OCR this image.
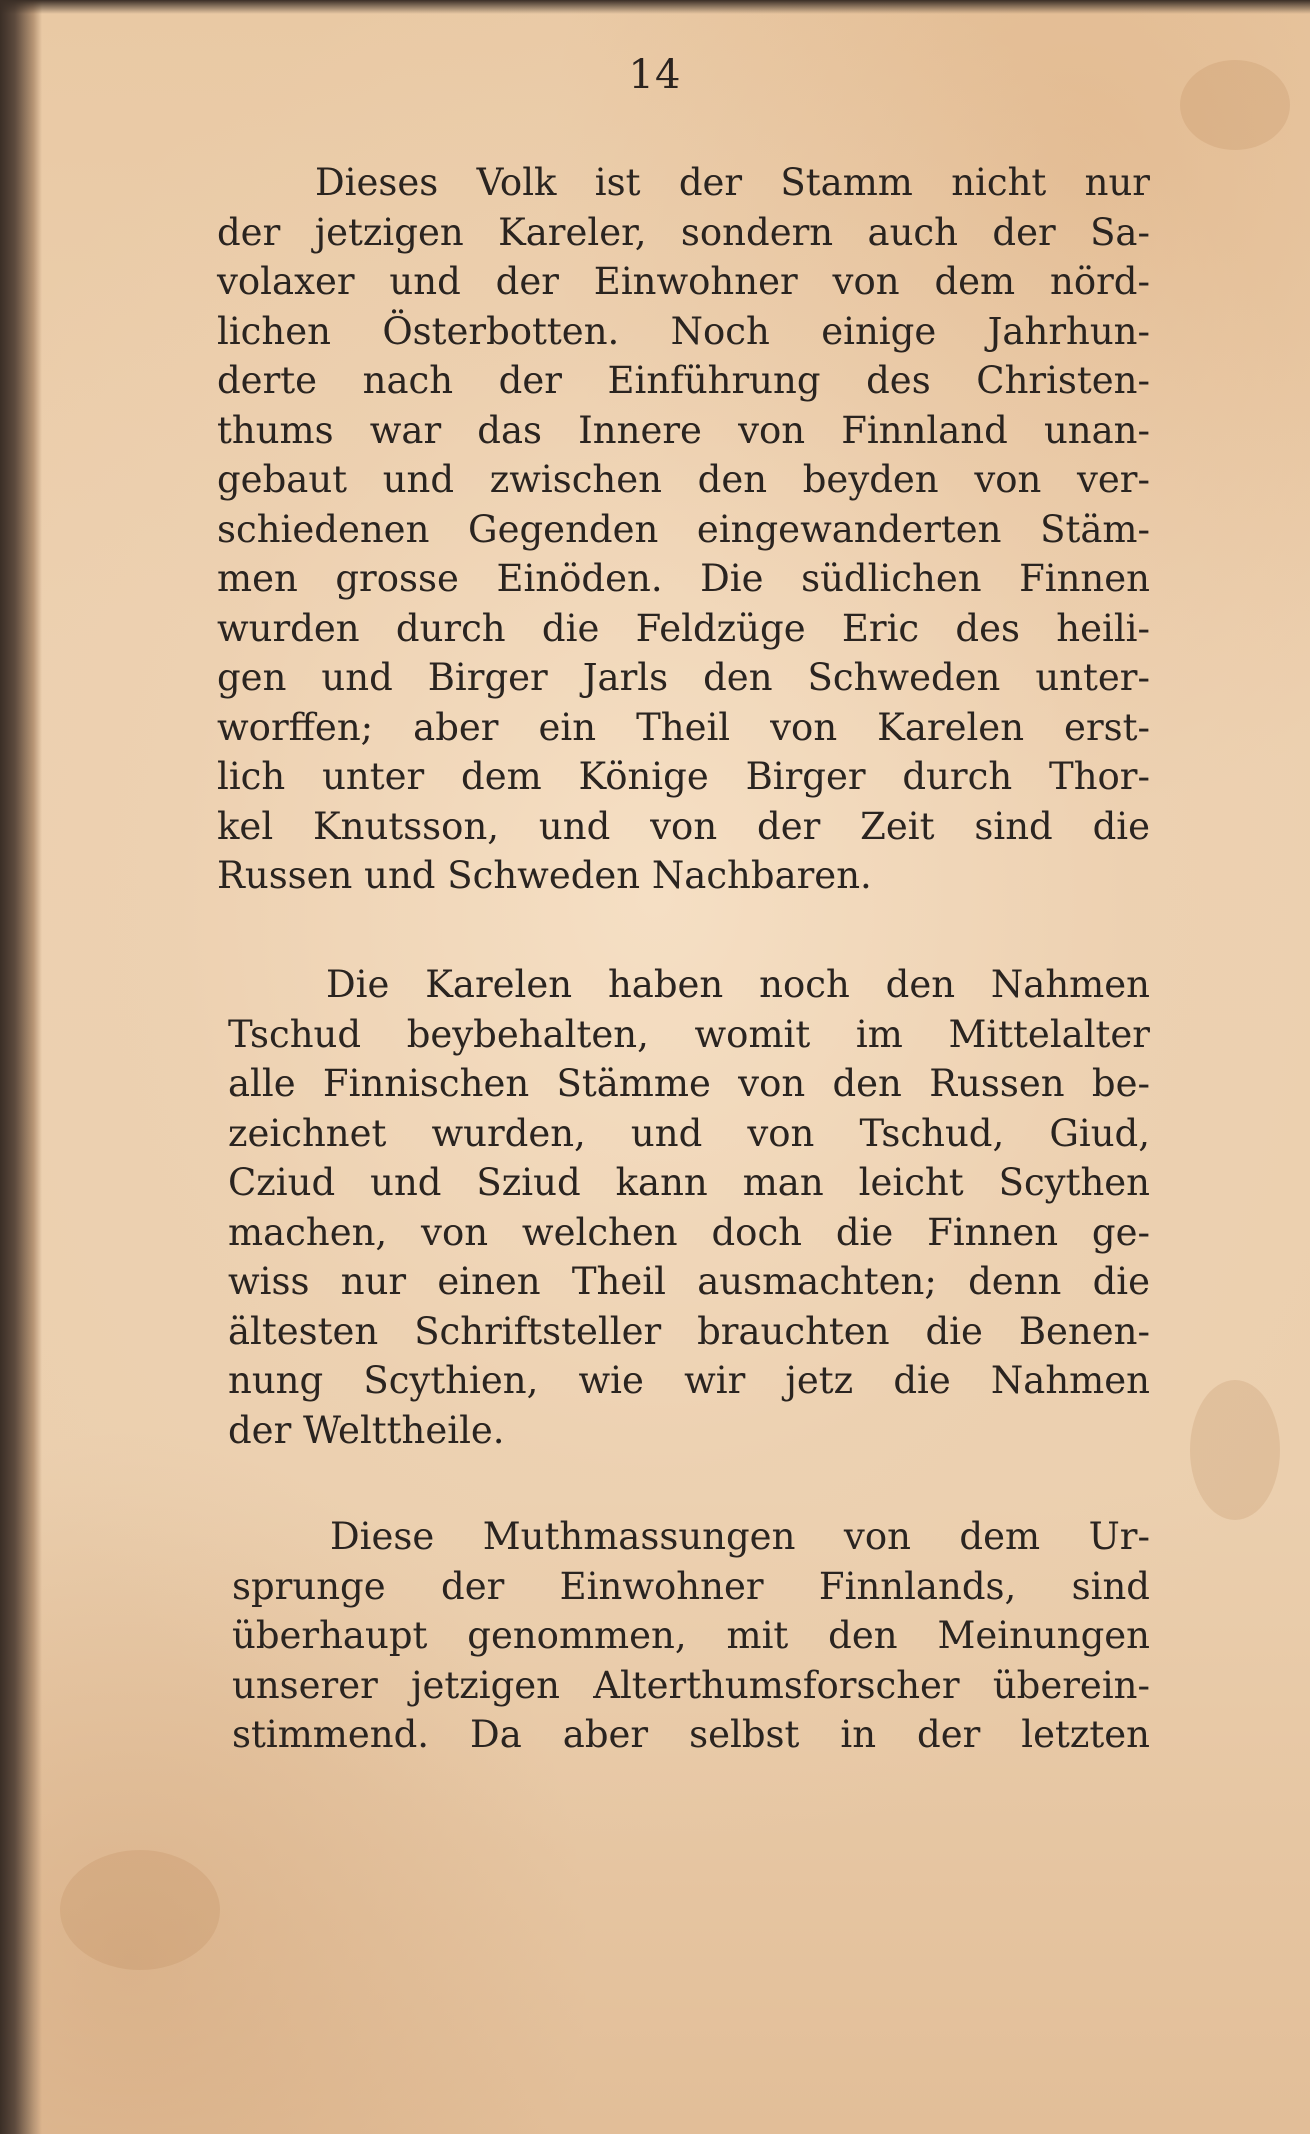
14
Dieses Volk ist der Stamm nicht nur
der jetzigen Kareler, sondern auch der Sa-
volaxer und der Einwohner von dem nörd-
lichen Österbotten. Noch einige Jahrhun-
derte nach der Einführung des Christen-
thums war das Innere von Finnland unan-
gebaut und zwischen den beyden von ver-
schiedenen Gegenden eingewanderten Stäm-
men grosse Einöden. Die südlichen Finnen
wurden durch die Feldzüge Eric des heili-
gen und Birger Jarls den Schweden unter-
worffen; aber ein Theil von Karelen erst-
lich unter dem Könige Birger durch Thor-
kel Knutsson, und von der Zeit sind die
Russen und Schweden Nachbaren.
Die Karelen haben noch den Nahmen
Tschud beybehalten, womit im Mittelalter
alle Finnischen Stämme von den Russen be-
zeichnet wurden, und von Tschud, Giud,
Cziud und Sziud kann man leicht Scythen
machen, von welchen doch die Finnen ge-
wiss nur einen Theil ausmachten; denn die
ältesten Schriftsteller brauchten die Benen-
nung Scythien, wie wir jetz die Nahmen
der Welttheile.
Diese Muthmassungen von dem Ur-
sprunge der Einwohner Finnlands, sind
überhaupt genommen, mit den Meinungen
unserer jetzigen Alterthumsforscher überein-
stimmend. Da aber selbst in der letzten
